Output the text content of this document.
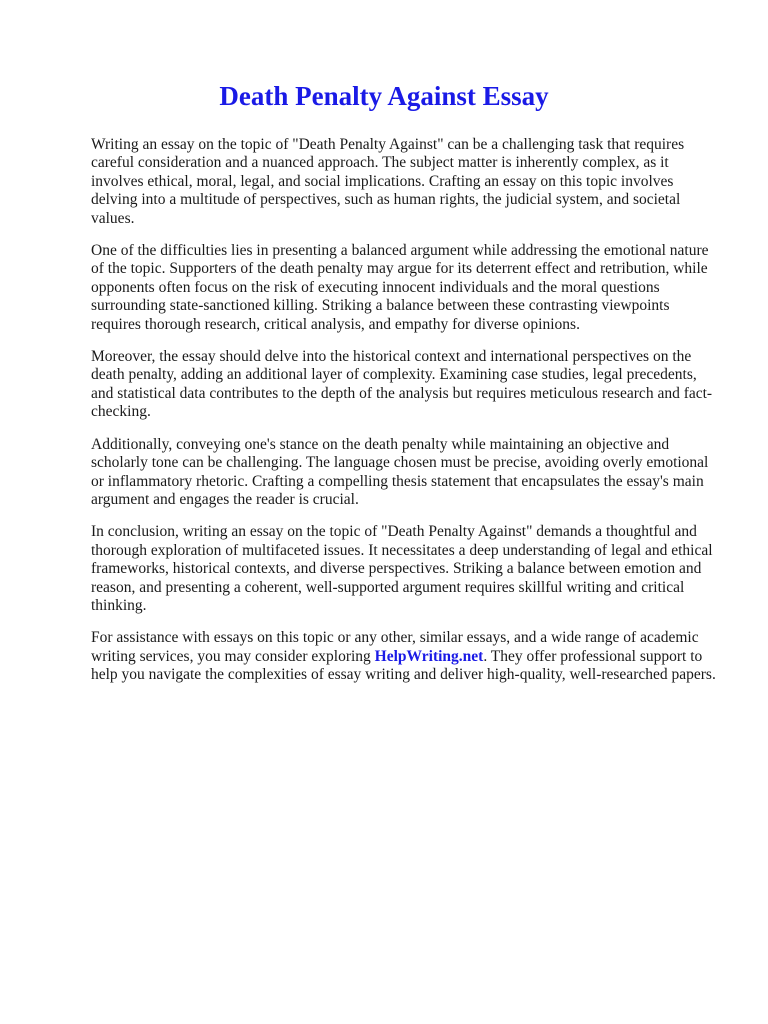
Death Penalty Against Essay

Writing an essay on the topic of "Death Penalty Against" can be a challenging task that requires careful consideration and a nuanced approach. The subject matter is inherently complex, as it involves ethical, moral, legal, and social implications. Crafting an essay on this topic involves delving into a multitude of perspectives, such as human rights, the judicial system, and societal values.

One of the difficulties lies in presenting a balanced argument while addressing the emotional nature of the topic. Supporters of the death penalty may argue for its deterrent effect and retribution, while opponents often focus on the risk of executing innocent individuals and the moral questions surrounding state-sanctioned killing. Striking a balance between these contrasting viewpoints requires thorough research, critical analysis, and empathy for diverse opinions.

Moreover, the essay should delve into the historical context and international perspectives on the death penalty, adding an additional layer of complexity. Examining case studies, legal precedents, and statistical data contributes to the depth of the analysis but requires meticulous research and fact-checking.

Additionally, conveying one's stance on the death penalty while maintaining an objective and scholarly tone can be challenging. The language chosen must be precise, avoiding overly emotional or inflammatory rhetoric. Crafting a compelling thesis statement that encapsulates the essay's main argument and engages the reader is crucial.

In conclusion, writing an essay on the topic of "Death Penalty Against" demands a thoughtful and thorough exploration of multifaceted issues. It necessitates a deep understanding of legal and ethical frameworks, historical contexts, and diverse perspectives. Striking a balance between emotion and reason, and presenting a coherent, well-supported argument requires skillful writing and critical thinking.

For assistance with essays on this topic or any other, similar essays, and a wide range of academic writing services, you may consider exploring HelpWriting.net. They offer professional support to help you navigate the complexities of essay writing and deliver high-quality, well-researched papers.
